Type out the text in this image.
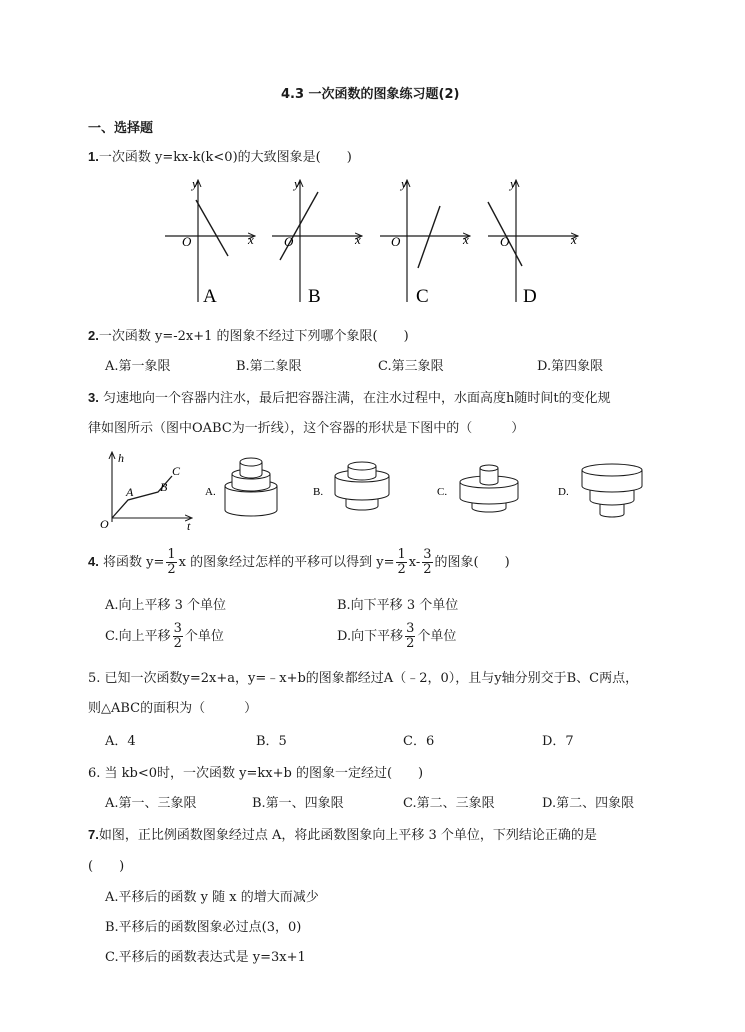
4.3 一次函数的图象练习题(2)
一、选择题
1.一次函数 y=kx-k(k<0)的大致图象是(　　)
y
x
O
y
x
O
y
x
O
y
x
O
A	B	C	D
2.一次函数 y=-2x+1 的图象不经过下列哪个象限(　　)
A.第一象限	B.第二象限	C.第三象限	D.第四象限
3. 匀速地向一个容器内注水，最后把容器注满，在注水过程中，水面高度h随时间t的变化规
律如图所示（图中OABC为一折线），这个容器的形状是下图中的（　　　）
h
t
O
A B
C
A.	B.	C.	D.
4. 将函数 $y= \frac{1}{2}$ x 的图象经过怎样的平移可以得到 $y= \frac{1}{2} x- \frac{3}{2}$ 的图象(　　)
A.向上平移 3 个单位	B.向下平移 3 个单位
C.向上平移 $\frac{3}{2}$ 个单位	D.向下平移 $\frac{3}{2}$ 个单位
5. 已知一次函数y=2x+a，y=﹣x+b的图象都经过A（﹣2，0），且与y轴分别交于B、C两点，
则△ABC的面积为（　　　）
A．4	B．5	C．6	D．7
6. 当 kb<0时，一次函数 y=kx+b 的图象一定经过(　　)
A.第一、三象限	B.第一、四象限	C.第二、三象限	D.第二、四象限
7.如图，正比例函数图象经过点 A，将此函数图象向上平移 3 个单位，下列结论正确的是
(　　)
A.平移后的函数 y 随 x 的增大而减少
B.平移后的函数图象必过点(3，0)
C.平移后的函数表达式是 y=3x+1
